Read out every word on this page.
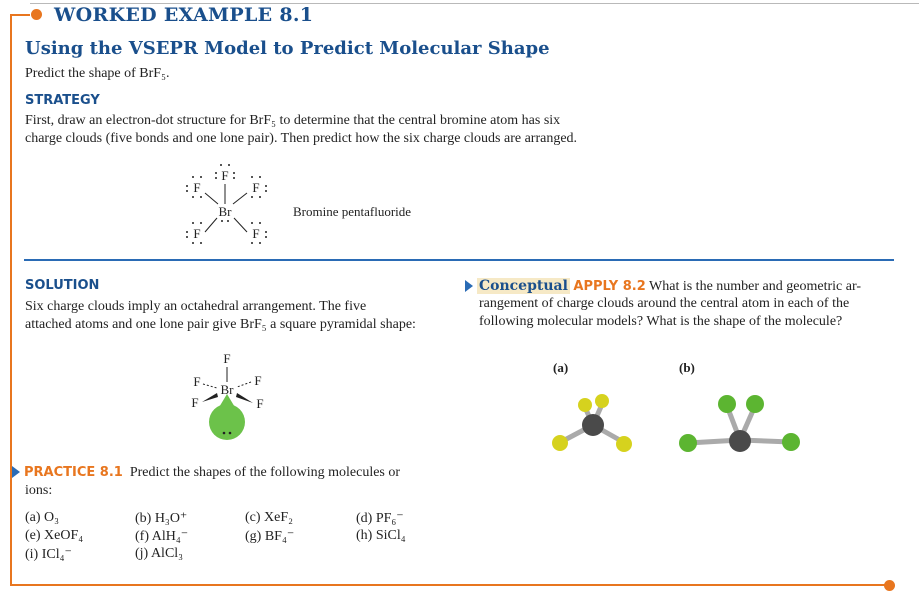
WORKED EXAMPLE 8.1
Using the VSEPR Model to Predict Molecular Shape
Predict the shape of BrF₅.
STRATEGY
First, draw an electron-dot structure for BrF₅ to determine that the central bromine atom has six
charge clouds (five bonds and one lone pair). Then predict how the six charge clouds are arranged.
F
F	F
Br
F	F
Bromine pentafluoride
SOLUTION
Six charge clouds imply an octahedral arrangement. The five
attached atoms and one lone pair give BrF₅ a square pyramidal shape:
F
F	F
Br
F	F
Conceptual APPLY 8.2 What is the number and geometric ar-
rangement of charge clouds around the central atom in each of the
following molecular models? What is the shape of the molecule?
(a)	(b)
PRACTICE 8.1 Predict the shapes of the following molecules or
ions:
(a) O₃	(b) H₃O⁺	(c) XeF₂	(d) PF₆⁻
(e) XeOF₄	(f) AlH₄⁻	(g) BF₄⁻	(h) SiCl₄
(i) ICl₄⁻	(j) AlCl₃
